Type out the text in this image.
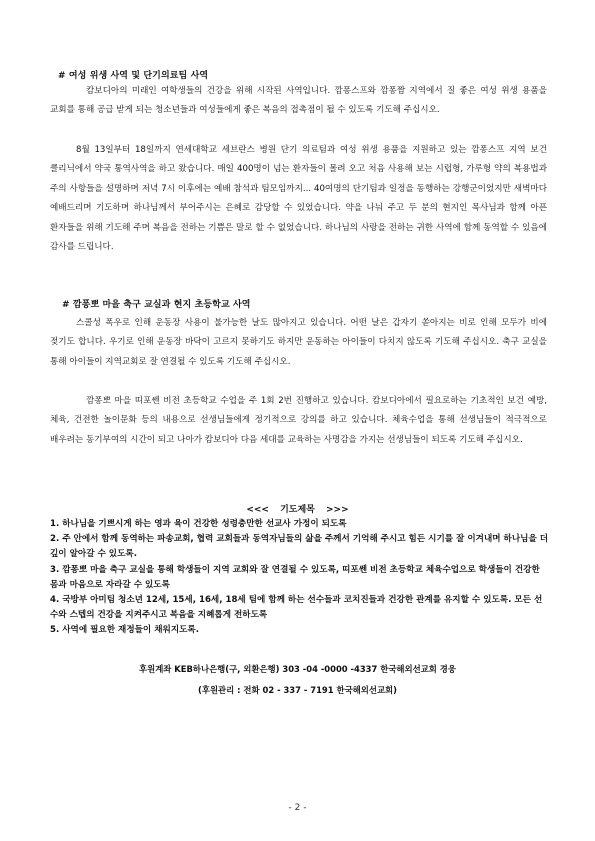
# 여성 위생 사역 및 단기의료팀 사역

캄보디아의 미래인 여학생들의 건강을 위해 시작된 사역입니다. 깜퐁스프와 깜퐁짬 지역에서 질 좋은 여성 위생 용품을 교회를 통해 공급 받게 되는 청소년들과 여성들에게 좋은 복음의 접촉점이 될 수 있도록 기도해 주십시오.

8월 13일부터 18일까지 연세대학교 세브란스 병원 단기 의료팀과 여성 위생 용품을 지원하고 있는 깜퐁스프 지역 보건 클리닉에서 약국 통역사역을 하고 왔습니다. 매일 400명이 넘는 환자들이 몰려 오고 처음 사용해 보는 시럽형, 가루형 약의 복용법과 주의 사항들을 설명하며 저녁 7시 이후에는 예배 참석과 팀모임까지... 40여명의 단기팀과 일정을 동행하는 강행군이었지만 새벽마다 예배드리며 기도하며 하나님께서 부어주시는 은혜로 감당할 수 있었습니다. 약을 나눠 주고 두 분의 현지인 목사님과 함께 아픈 환자들을 위해 기도해 주며 복음을 전하는 기쁨은 말로 할 수 없었습니다. 하나님의 사랑을 전하는 귀한 사역에 함께 동역할 수 있음에 감사를 드립니다.

# 깜퐁뽀 마을 축구 교실과 현지 초등학교 사역

스콜성 폭우로 인해 운동장 사용이 불가능한 날도 많아지고 있습니다. 어떤 날은 갑자기 쏟아지는 비로 인해 모두가 비에 젖기도 합니다. 우기로 인해 운동장 바닥이 고르지 못하기도 하지만 운동하는 아이들이 다치지 않도록 기도해 주십시오. 축구 교실을 통해 아이들이 지역교회로 잘 연결될 수 있도록 기도해 주십시오.

깜퐁뽀 마을 띠포쎈 비전 초등학교 수업을 주 1회 2번 진행하고 있습니다. 캄보디아에서 필요로하는 기초적인 보건 예방, 체육, 건전한 놀이문화 등의 내용으로 선생님들에게 정기적으로 강의를 하고 있습니다. 체육수업을 통해 선생님들이 적극적으로 배우려는 동기부여의 시간이 되고 나아가 캄보디아 다음 세대를 교육하는 사명감을 가지는 선생님들이 되도록 기도해 주십시오.

<<< 기도제목 >>>
1. 하나님을 기쁘시게 하는 영과 육이 건강한 성령충만한 선교사 가정이 되도록
2. 주 안에서 함께 동역하는 파송교회, 협력 교회들과 동역자님들의 삶을 주께서 기억해 주시고 힘든 시기를 잘 이겨내며 하나님을 더 깊이 알아갈 수 있도록.
3. 깜퐁뽀 마을 축구 교실을 통해 학생들이 지역 교회와 잘 연결될 수 있도록, 띠포쎈 비전 초등학교 체육수업으로 학생들이 건강한 몸과 마음으로 자라갈 수 있도록
4. 국방부 아미팀 청소년 12세, 15세, 16세, 18세 팀에 함께 하는 선수들과 코치진들과 건강한 관계를 유지할 수 있도록. 모든 선수와 스텝의 건강을 지켜주시고 복음을 지혜롭게 전하도록
5. 사역에 필요한 재정들이 채워지도록.
후원계좌 KEB하나은행(구, 외환은행) 303 -04 -0000 -4337 한국해외선교회 경웅
(후원관리 : 전화 02 - 337 - 7191 한국해외선교회)
- 2 -
